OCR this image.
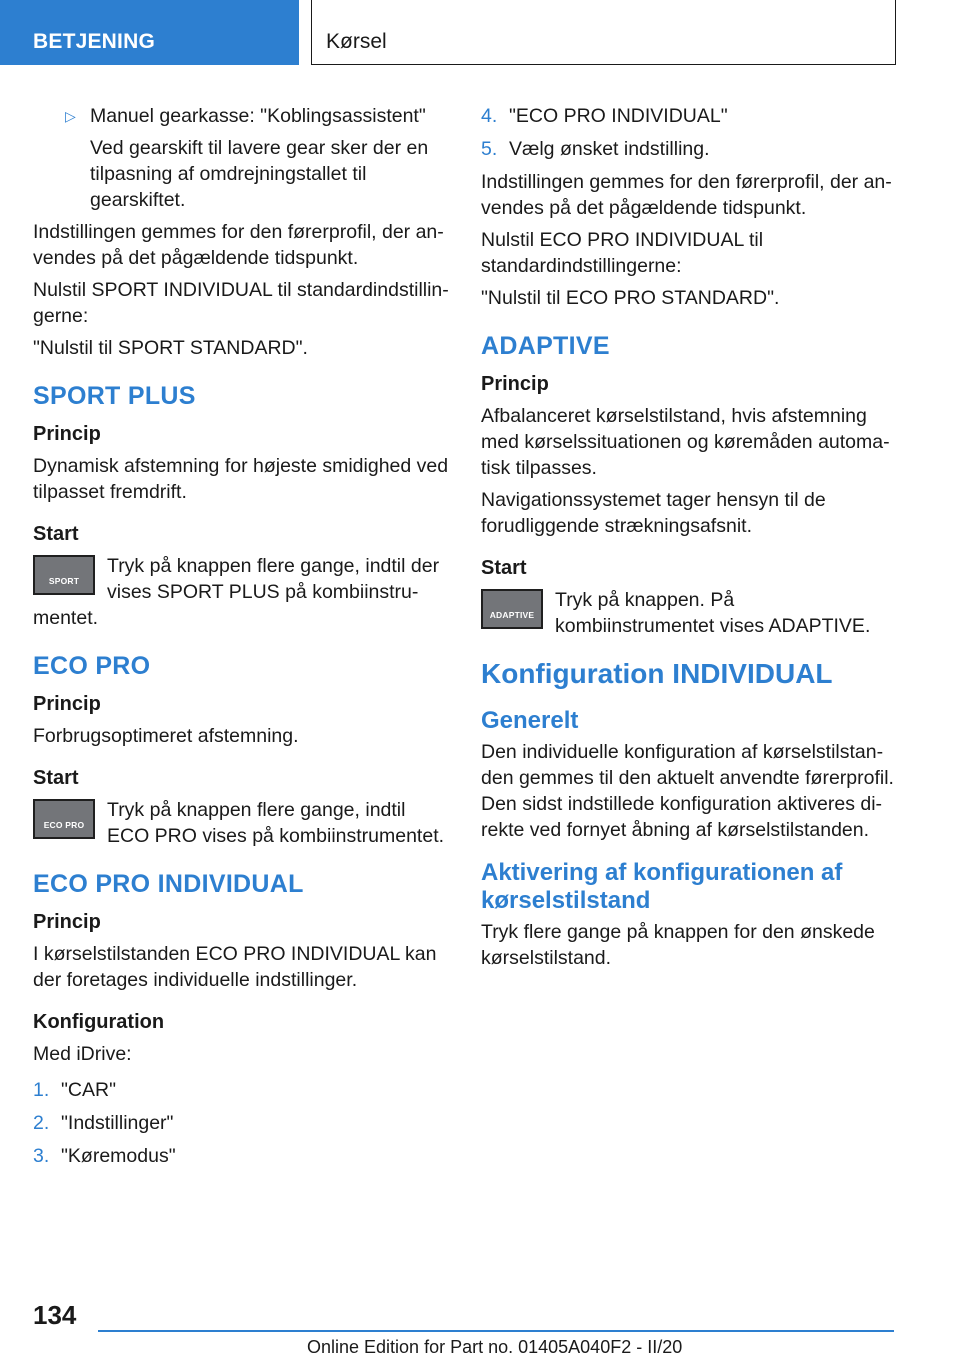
BETJENING	Kørsel
▷ Manuel gearkasse: "Koblingsassistent"
Ved gearskift til lavere gear sker der en tilpasning af omdrejningstallet til gearskiftet.

Indstillingen gemmes for den førerprofil, der anvendes på det pågældende tidspunkt.

Nulstil SPORT INDIVIDUAL til standardindstillingerne:

"Nulstil til SPORT STANDARD".

SPORT PLUS
Princip

Dynamisk afstemning for højeste smidighed ved tilpasset fremdrift.

Start
SPORT
Tryk på knappen flere gange, indtil der vises SPORT PLUS på kombiinstrumentet.
ECO PRO
Princip

Forbrugsoptimeret afstemning.

Start
ECO PRO
Tryk på knappen flere gange, indtil ECO PRO vises på kombiinstrumentet.
ECO PRO INDIVIDUAL
Princip

I kørselstilstanden ECO PRO INDIVIDUAL kan der foretages individuelle indstillinger.

Konfiguration

Med iDrive:

1. "CAR"
2. "Indstillinger"
3. "Køremodus"
4. "ECO PRO INDIVIDUAL"
5. Vælg ønsket indstilling.

Indstillingen gemmes for den førerprofil, der anvendes på det pågældende tidspunkt.

Nulstil ECO PRO INDIVIDUAL til standardindstillingerne:

"Nulstil til ECO PRO STANDARD".

ADAPTIVE
Princip

Afbalanceret kørselstilstand, hvis afstemning med kørselssituationen og køremåden automatisk tilpasses.

Navigationssystemet tager hensyn til de forudliggende strækningsafsnit.

Start
ADAPTIVE
Tryk på knappen. På kombiinstrumentet vises ADAPTIVE.
Konfiguration INDIVIDUAL
Generelt

Den individuelle konfiguration af kørselstilstanden gemmes til den aktuelt anvendte førerprofil. Den sidst indstillede konfiguration aktiveres direkte ved fornyet åbning af kørselstilstanden.

Aktivering af konfigurationen af kørselstilstand

Tryk flere gange på knappen for den ønskede kørselstilstand.

134
Online Edition for Part no. 01405A040F2 - II/20
